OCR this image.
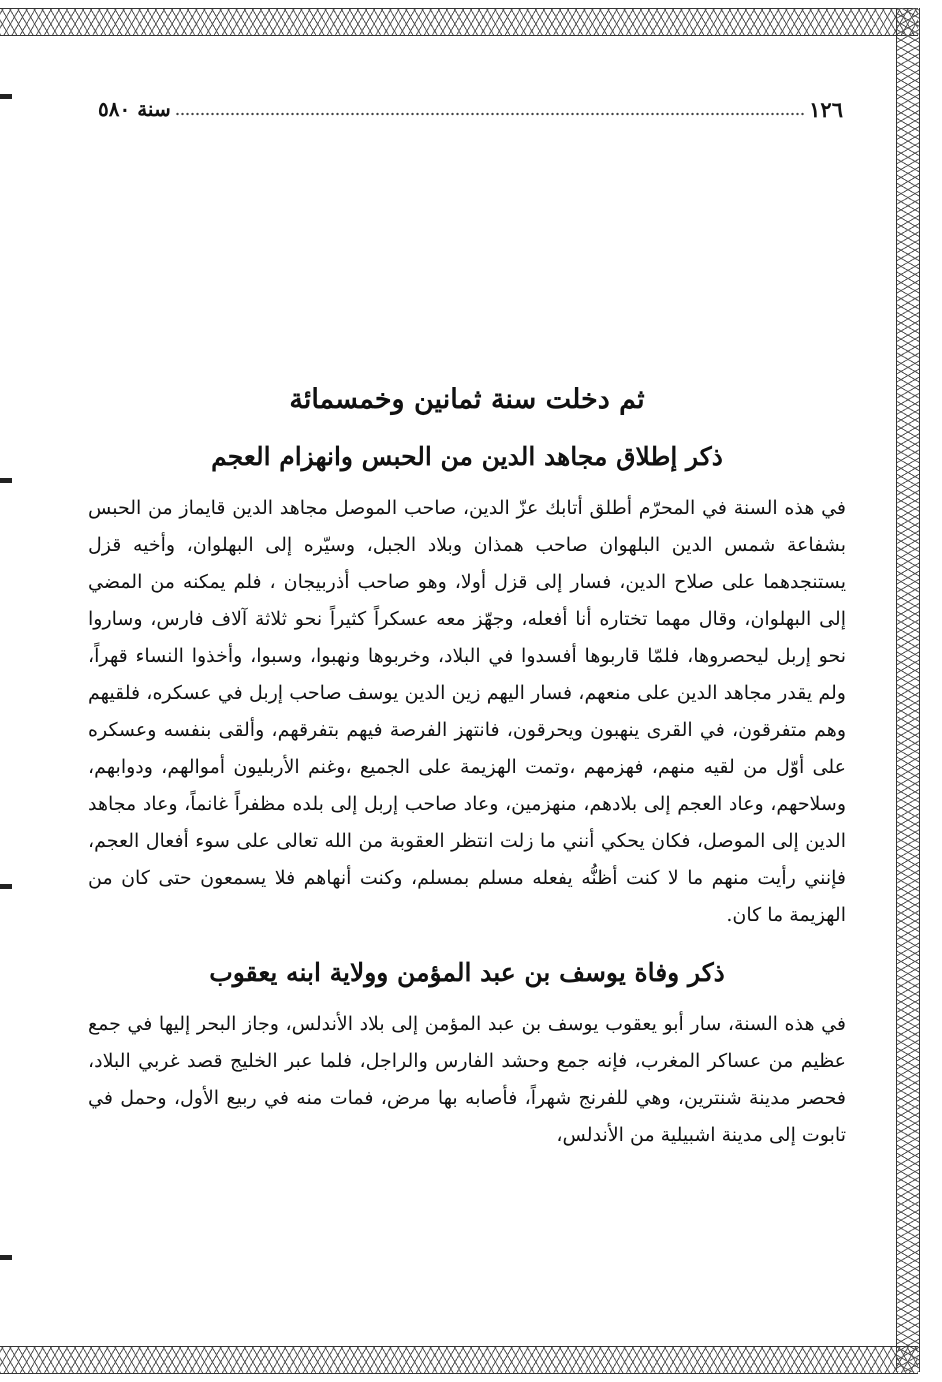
١٢٦
سنة ٥٨٠
ثم دخلت سنة ثمانين وخمسمائة
ذكر إطلاق مجاهد الدين من الحبس وانهزام العجم

في هذه السنة في المحرّم أطلق أتابك عزّ الدين، صاحب الموصل مجاهد الدين قايماز من الحبس بشفاعة شمس الدين البلهوان صاحب همذان وبلاد الجبل، وسيّره إلى البهلوان، وأخيه قزل يستنجدهما على صلاح الدين، فسار إلى قزل أولا، وهو صاحب أذربيجان ، فلم يمكنه من المضي إلى البهلوان، وقال مهما تختاره أنا أفعله، وجهّز معه عسكراً كثيراً نحو ثلاثة آلاف فارس، وساروا نحو إربل ليحصروها، فلمّا قاربوها أفسدوا في البلاد، وخربوها ونهبوا، وسبوا، وأخذوا النساء قهراً، ولم يقدر مجاهد الدين على منعهم، فسار اليهم زين الدين يوسف صاحب إربل في عسكره، فلقيهم وهم متفرقون، في القرى ينهبون ويحرقون، فانتهز الفرصة فيهم بتفرقهم، وألقى بنفسه وعسكره على أوّل من لقيه منهم، فهزمهم ،وتمت الهزيمة على الجميع ،وغنم الأربليون أموالهم، ودوابهم، وسلاحهم، وعاد العجم إلى بلادهم، منهزمين، وعاد صاحب إربل إلى بلده مظفراً غانماً، وعاد مجاهد الدين إلى الموصل، فكان يحكي أنني ما زلت انتظر العقوبة من الله تعالى على سوء أفعال العجم، فإنني رأيت منهم ما لا كنت أظنُّه يفعله مسلم بمسلم، وكنت أنهاهم فلا يسمعون حتى كان من الهزيمة ما كان.

ذكر وفاة يوسف بن عبد المؤمن وولاية ابنه يعقوب

في هذه السنة، سار أبو يعقوب يوسف بن عبد المؤمن إلى بلاد الأندلس، وجاز البحر إليها في جمع عظيم من عساكر المغرب، فإنه جمع وحشد الفارس والراجل، فلما عبر الخليج قصد غربي البلاد، فحصر مدينة شنترين، وهي للفرنج شهراً، فأصابه بها مرض، فمات منه في ربيع الأول، وحمل في تابوت إلى مدينة اشبيلية من الأندلس،
